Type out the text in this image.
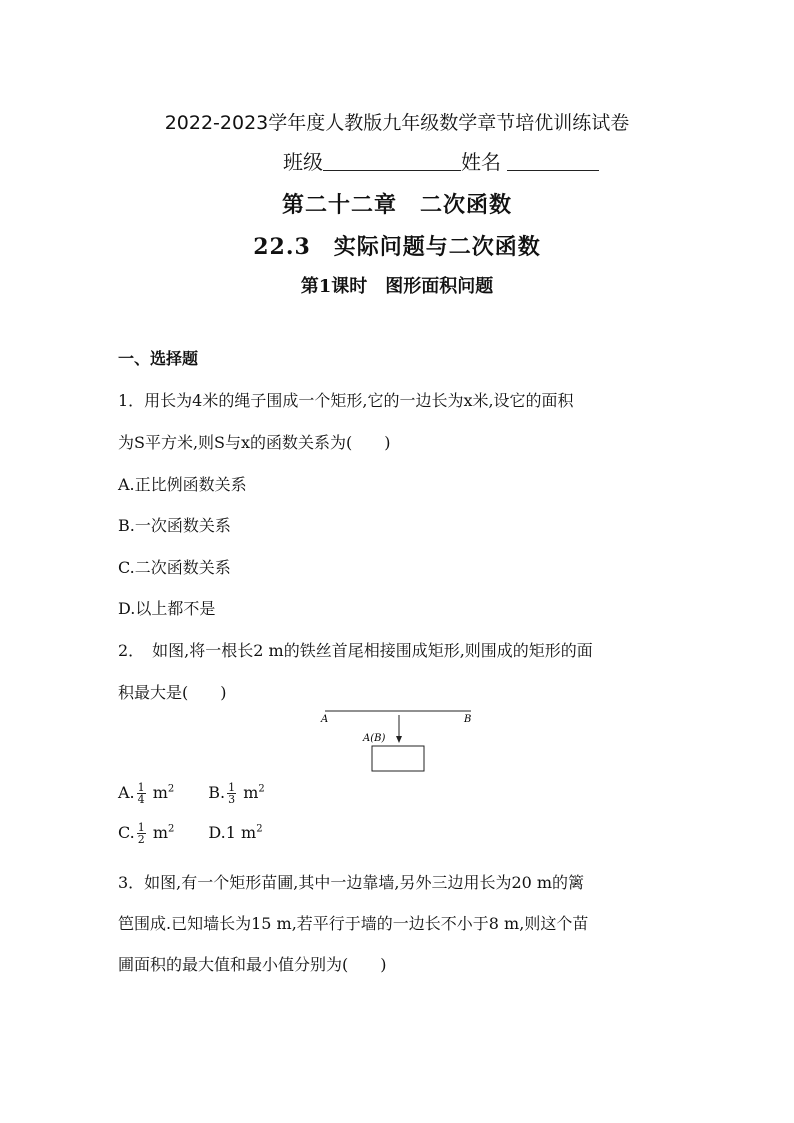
2022-2023学年度人教版九年级数学章节培优训练试卷
班级	姓名
第二十二章　二次函数
22.3　实际问题与二次函数
第1课时　图形面积问题
一、选择题
1．用长为4米的绳子围成一个矩形,它的一边长为x米,设它的面积
为S平方米,则S与x的函数关系为(　　)
A.正比例函数关系
B.一次函数关系
C.二次函数关系
D.以上都不是
2．　如图,将一根长2 m的铁丝首尾相接围成矩形,则围成的矩形的面
积最大是(　　)
A	B
A(B)
A. $\frac{1}{4} m^2$ B. $\frac{1}{3} m^2$
C. $\frac{1}{2} m^2$ D.1 $m^2$
3．如图,有一个矩形苗圃,其中一边靠墙,另外三边用长为20 m的篱
笆围成.已知墙长为15 m,若平行于墙的一边长不小于8 m,则这个苗
圃面积的最大值和最小值分别为(　　)
